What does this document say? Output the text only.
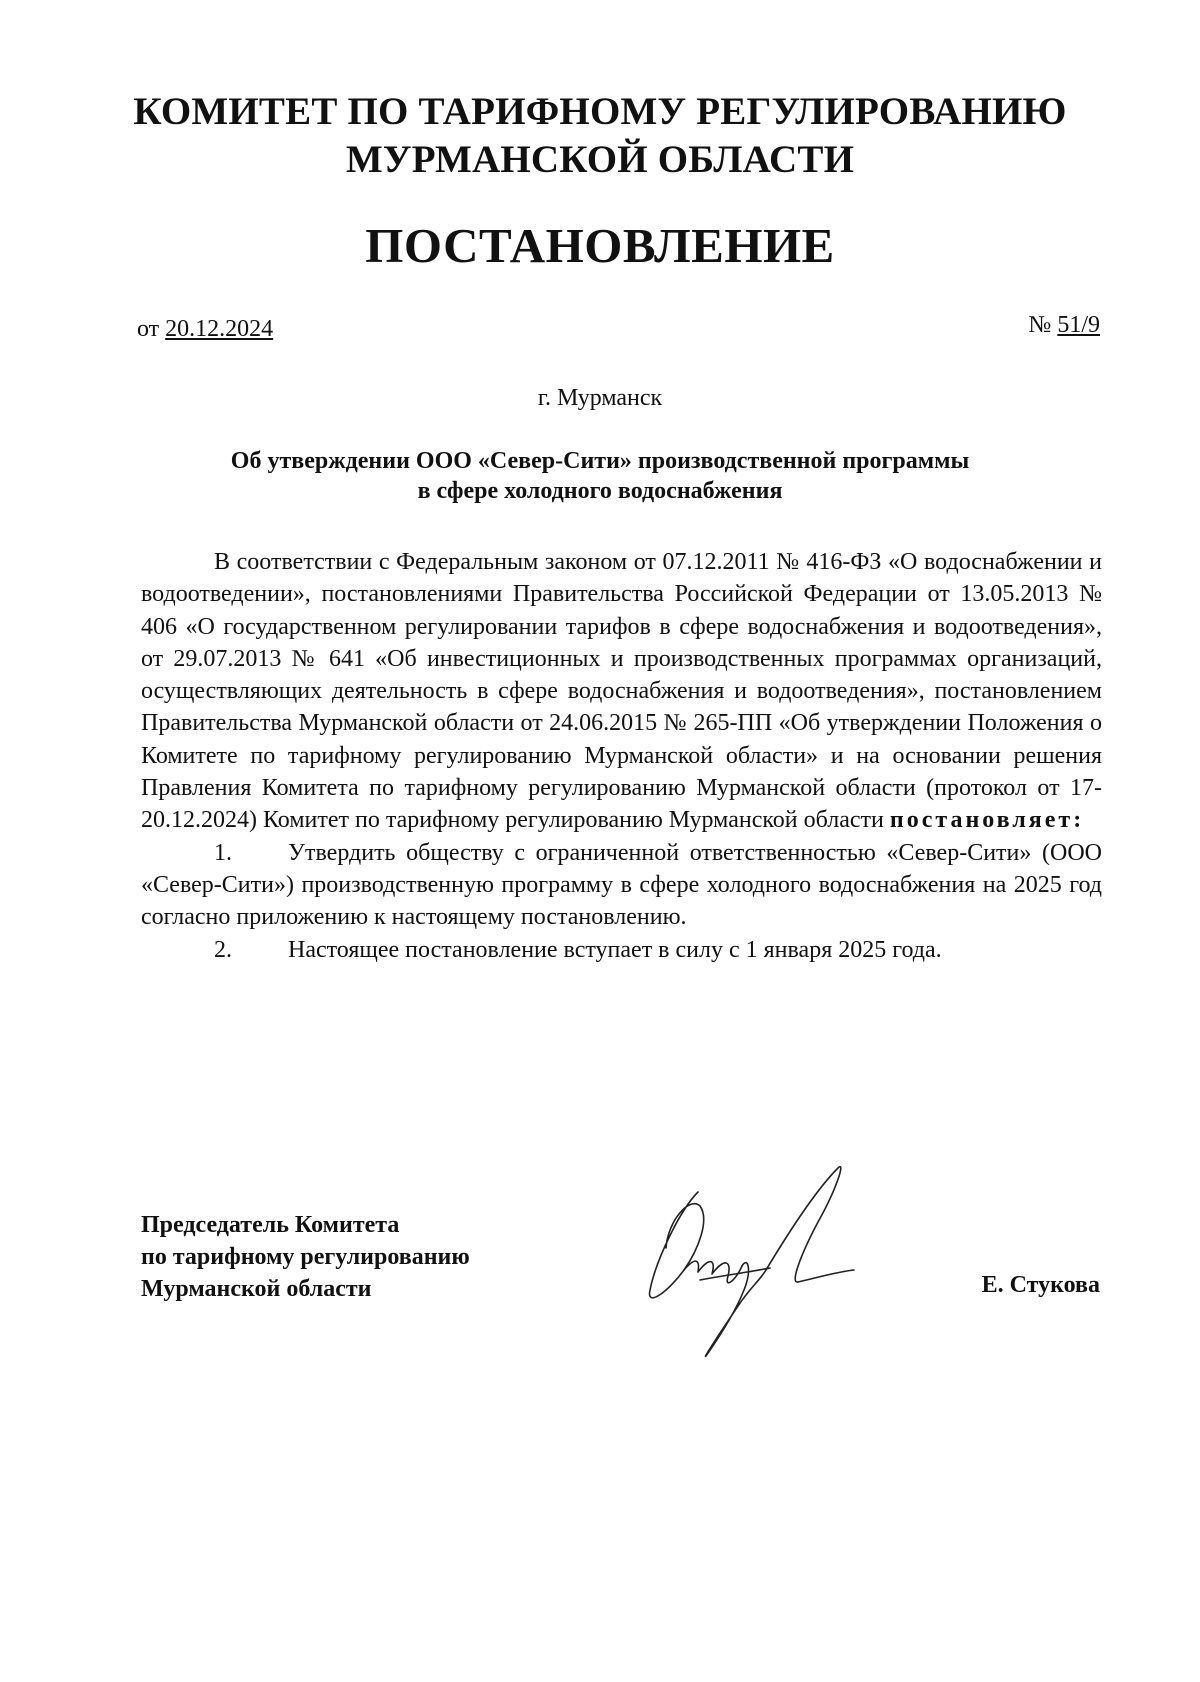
КОМИТЕТ ПО ТАРИФНОМУ РЕГУЛИРОВАНИЮ
МУРМАНСКОЙ ОБЛАСТИ
ПОСТАНОВЛЕНИЕ
от 20.12.2024	№ 51/9
г. Мурманск
Об утверждении ООО «Север-Сити» производственной программы
в сфере холодного водоснабжения

В соответствии с Федеральным законом от 07.12.2011 № 416-ФЗ «О водоснабжении и водоотведении», постановлениями Правительства Российской Федерации от 13.05.2013 № 406 «О государственном регулировании тарифов в сфере водоснабжения и водоотведения», от 29.07.2013 № 641 «Об инвестиционных и производственных программах организаций, осуществляющих деятельность в сфере водоснабжения и водоотведения», постановлением Правительства Мурманской области от 24.06.2015 № 265-ПП «Об утверждении Положения о Комитете по тарифному регулированию Мурманской области» и на основании решения Правления Комитета по тарифному регулированию Мурманской области (протокол от 17-20.12.2024) Комитет по тарифному регулированию Мурманской области постановляет:

1. Утвердить обществу с ограниченной ответственностью «Север-Сити» (ООО «Север-Сити») производственную программу в сфере холодного водоснабжения на 2025 год согласно приложению к настоящему постановлению.

2. Настоящее постановление вступает в силу с 1 января 2025 года.

Председатель Комитета
по тарифному регулированию
Мурманской области	Е. Стукова
